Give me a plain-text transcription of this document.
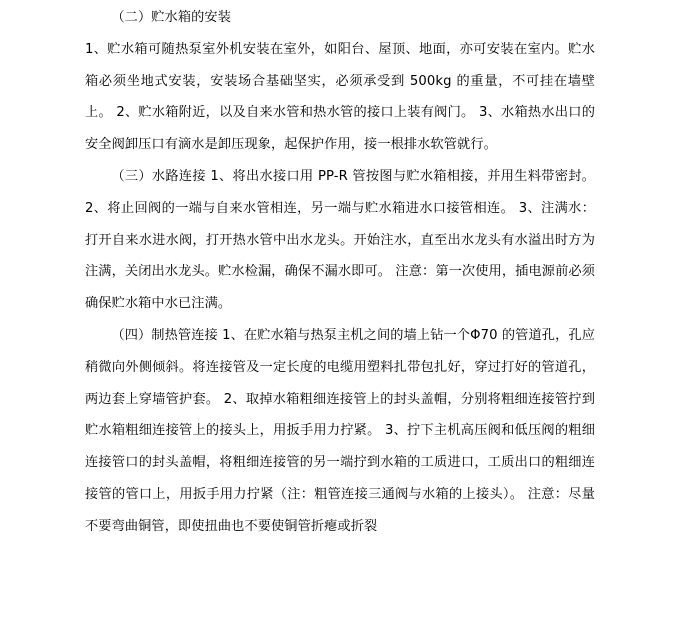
（二）贮水箱的安装

1、贮水箱可随热泵室外机安装在室外，如阳台、屋顶、地面，亦可安装在室内。贮水箱必须坐地式安装，安装场合基础坚实，必须承受到 500kg 的重量，不可挂在墙壁上。 2、贮水箱附近，以及自来水管和热水管的接口上装有阀门。 3、水箱热水出口的安全阀卸压口有滴水是卸压现象，起保护作用，接一根排水软管就行。

（三）水路连接 1、将出水接口用 PP-R 管按图与贮水箱相接，并用生料带密封。 2、将止回阀的一端与自来水管相连，另一端与贮水箱进水口接管相连。 3、注满水：打开自来水进水阀，打开热水管中出水龙头。开始注水，直至出水龙头有水溢出时方为注满，关闭出水龙头。贮水检漏，确保不漏水即可。 注意：第一次使用，插电源前必须确保贮水箱中水已注满。

（四）制热管连接 1、在贮水箱与热泵主机之间的墙上钻一个Φ70 的管道孔，孔应稍微向外侧倾斜。将连接管及一定长度的电缆用塑料扎带包扎好，穿过打好的管道孔，两边套上穿墙管护套。 2、取掉水箱粗细连接管上的封头盖帽，分别将粗细连接管拧到贮水箱粗细连接管上的接头上，用扳手用力拧紧。 3、拧下主机高压阀和低压阀的粗细连接管口的封头盖帽，将粗细连接管的另一端拧到水箱的工质进口，工质出口的粗细连接管的管口上，用扳手用力拧紧（注：粗管连接三通阀与水箱的上接头）。 注意：尽量不要弯曲铜管，即使扭曲也不要使铜管折瘪或折裂
